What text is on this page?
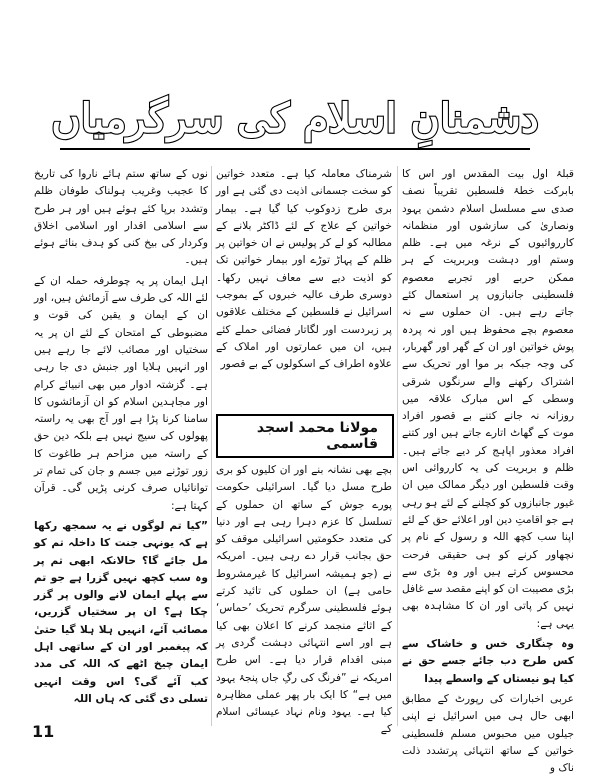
دشمنانِ اسلام کی سرگرمیاں

قبلۂ اول بیت المقدس اور اس کا بابرکت خطۂ فلسطین تقریباً نصف صدی سے مسلسل اسلام دشمن یہود ونصاریٰ کی سازشوں اور منظمانہ کارروائیوں کے نرغہ میں ہے۔ ظلم وستم اور دہشت وبربریت کے ہر ممکن حربے اور تجربے معصوم فلسطینی جانبازوں پر استعمال کئے جاتے رہے ہیں۔ ان حملوں سے نہ معصوم بچے محفوظ ہیں اور نہ پردہ پوش خواتین اور ان کے گھر اور گھربار، کی وجہ جبکہ بر موا اور تحریک سے اشتراک رکھنے والے سرنگوں شرقی وسطی کے اس مبارک علاقہ میں روزانہ نہ جانے کتنے بے قصور افراد موت کے گھاٹ اتارے جاتے ہیں اور کتنے افراد معذور اپاہج کر دیے جاتے ہیں۔ ظلم و بربریت کی یہ کارروائی اس وقت فلسطین اور دیگر ممالک میں ان غیور جانبازوں کو کچلنے کے لئے ہو رہی ہے جو اقامتِ دین اور اعلائے حق کے لئے اپنا سب کچھ اللہ و رسول کے نام پر نچھاور کرنے کو ہی حقیقی فرحت محسوس کرتے ہیں اور وہ بڑی سے بڑی مصیبت ان کو اپنے مقصد سے غافل نہیں کر پاتی اور ان کا مشاہدہ بھی یہی ہے:

وہ چنگاری خس و خاشاک سے کس طرح دب جائے جسے حق نے کیا ہو نیستاں کے واسطے پیدا

عربی اخبارات کی رپورٹ کے مطابق ابھی حال ہی میں اسرائیل نے اپنی جیلوں میں محبوس مسلم فلسطینی خواتین کے ساتھ انتہائی پرتشدد ذلت ناک و

شرمناک معاملہ کیا ہے۔ متعدد خواتین کو سخت جسمانی اذیت دی گئی ہے اور بری طرح زدوکوب کیا گیا ہے۔ بیمار خواتین کے علاج کے لئے ڈاکٹر بلانے کے مطالبہ کو لے کر پولیس نے ان خواتین پر ظلم کے پہاڑ توڑے اور بیمار خواتین تک کو اذیت دیے سے معاف نہیں رکھا۔ دوسری طرف عالیہ خبروں کے بموجب اسرائیل نے فلسطین کے مختلف علاقوں پر زبردست اور لگاتار فضائی حملے کئے ہیں، ان میں عمارتوں اور املاک کے علاوہ اطراف کے اسکولوں کے بے قصور

مولانا محمد اسجد قاسمی

بچے بھی نشانہ بنے اور ان کلیوں کو بری طرح مسل دیا گیا۔ اسرائیلی حکومت پورے جوش کے ساتھ ان حملوں کے تسلسل کا عزم دہرا رہی ہے اور دنیا کی متعدد حکومتیں اسرائیلی موقف کو حق بجانب قرار دے رہی ہیں۔ امریکہ نے (جو ہمیشہ اسرائیل کا غیرمشروط حامی ہے) ان حملوں کی تائید کرتے ہوئے فلسطینی سرگرم تحریک ’حماس‘ کے اثاثے منجمد کرنے کا اعلان بھی کیا ہے اور اسے انتہائی دہشت گردی پر مبنی اقدام قرار دیا ہے۔ اس طرح امریکہ نے ”فرنگ کی رگِ جاں پنجۂ یہود میں ہے“ کا ایک بار پھر عملی مظاہرہ کیا ہے۔ یہود ونام نہاد عیسائی اسلام کے

نوں کے ساتھ ستم ہائے ناروا کی تاریخ کا عجیب وغریب ہولناک طوفان ظلم وتشدد برپا کئے ہوئے ہیں اور ہر طرح سے اسلامی اقدار اور اسلامی اخلاق وکردار کی بیخ کنی کو ہدف بنائے ہوئے ہیں۔

اہل ایمان پر یہ چوطرفہ حملہ ان کے لئے اللہ کی طرف سے آزمائش ہیں، اور ان کے ایمان و یقین کی قوت و مضبوطی کے امتحان کے لئے ان پر یہ سختیاں اور مصائب لائے جا رہے ہیں اور انہیں ہلایا اور جنبش دی جا رہی ہے۔ گزشتہ ادوار میں بھی انبیائے کرام اور مجاہدین اسلام کو ان آزمائشوں کا سامنا کرنا پڑا ہے اور آج بھی یہ راستہ پھولوں کی سیج نہیں ہے بلکہ دین حق کے راستہ میں مزاحم ہر طاغوت کا زور توڑنے میں جسم و جان کی تمام تر توانائیاں صرف کرنی پڑیں گی۔ قرآن کہتا ہے:

”کیا تم لوگوں نے یہ سمجھ رکھا ہے کہ یونہی جنت کا داخلہ تم کو مل جائے گا؟ حالانکہ ابھی تم پر وہ سب کچھ نہیں گزرا ہے جو تم سے پہلے ایمان لانے والوں پر گزر چکا ہے؟ ان پر سختیاں گزریں، مصائب آئے، انہیں ہلا ہلا گیا حتیٰ کہ پیغمبر اور ان کے ساتھی اہل ایمان چیخ اٹھے کہ اللہ کی مدد کب آئے گی؟ اس وقت انہیں تسلی دی گئی کہ ہاں اللہ

11
